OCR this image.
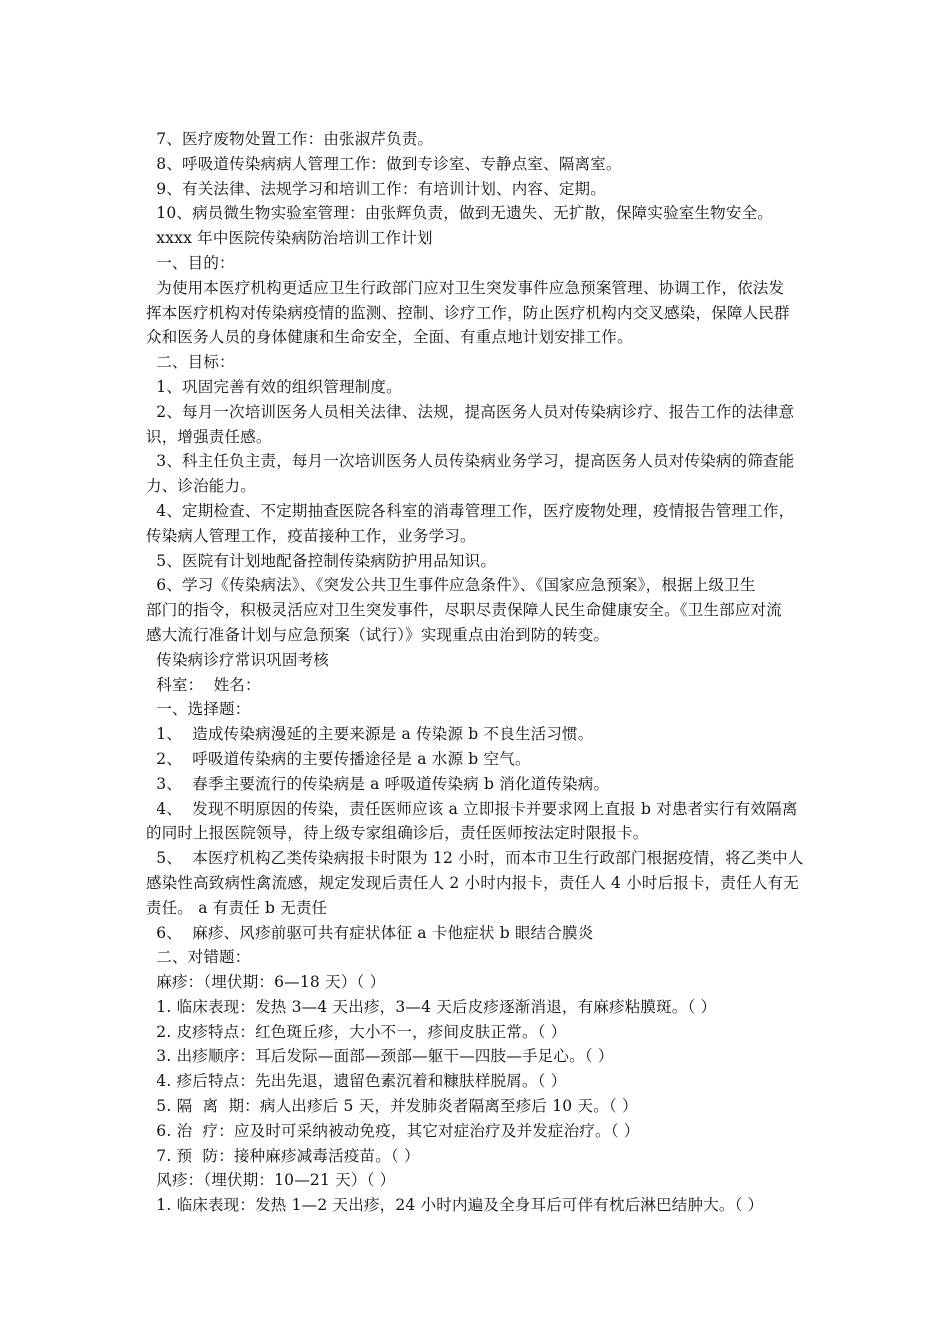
7、医疗废物处置工作：由张淑芹负责。
8、呼吸道传染病病人管理工作：做到专诊室、专静点室、隔离室。
9、有关法律、法规学习和培训工作：有培训计划、内容、定期。
10、病员微生物实验室管理：由张辉负责，做到无遗失、无扩散，保障实验室生物安全。
xxxx 年中医院传染病防治培训工作计划
一、目的：
为使用本医疗机构更适应卫生行政部门应对卫生突发事件应急预案管理、协调工作，依法发
挥本医疗机构对传染病疫情的监测、控制、诊疗工作，防止医疗机构内交叉感染，保障人民群
众和医务人员的身体健康和生命安全，全面、有重点地计划安排工作。
二、目标：
1、巩固完善有效的组织管理制度。
2、每月一次培训医务人员相关法律、法规，提高医务人员对传染病诊疗、报告工作的法律意
识，增强责任感。
3、科主任负主责，每月一次培训医务人员传染病业务学习，提高医务人员对传染病的筛查能
力、诊治能力。
4、定期检查、不定期抽查医院各科室的消毒管理工作，医疗废物处理，疫情报告管理工作，
传染病人管理工作，疫苗接种工作，业务学习。
5、医院有计划地配备控制传染病防护用品知识。
6、学习《传染病法》、《突发公共卫生事件应急条件》、《国家应急预案》，根据上级卫生
部门的指令，积极灵活应对卫生突发事件，尽职尽责保障人民生命健康安全。《卫生部应对流
感大流行准备计划与应急预案（试行）》实现重点由治到防的转变。
传染病诊疗常识巩固考核
科室：  姓名：
一、选择题：
1、  造成传染病漫延的主要来源是 a 传染源 b 不良生活习惯。
2、  呼吸道传染病的主要传播途径是 a 水源 b 空气。
3、  春季主要流行的传染病是 a 呼吸道传染病 b 消化道传染病。
4、  发现不明原因的传染，责任医师应该 a 立即报卡并要求网上直报 b 对患者实行有效隔离
的同时上报医院领导，待上级专家组确诊后，责任医师按法定时限报卡。
5、  本医疗机构乙类传染病报卡时限为 12 小时，而本市卫生行政部门根据疫情，将乙类中人
感染性高致病性禽流感，规定发现后责任人 2 小时内报卡，责任人 4 小时后报卡，责任人有无
责任。 a 有责任 b 无责任
6、  麻疹、风疹前驱可共有症状体征 a 卡他症状 b 眼结合膜炎
二、对错题：
麻疹：（埋伏期：6—18 天）（ ）
1. 临床表现：发热 3—4 天出疹，3—4 天后皮疹逐渐消退，有麻疹粘膜斑。（ ）
2. 皮疹特点：红色斑丘疹，大小不一，疹间皮肤正常。（ ）
3. 出疹顺序：耳后发际—面部—颈部—躯干—四肢—手足心。（ ）
4. 疹后特点：先出先退，遗留色素沉着和糠肤样脱屑。（ ）
5. 隔  离  期：病人出疹后 5 天，并发肺炎者隔离至疹后 10 天。（ ）
6. 治  疗：应及时可采纳被动免疫，其它对症治疗及并发症治疗。（ ）
7. 预  防：接种麻疹减毒活疫苗。（ ）
风疹：（埋伏期：10—21 天）（ ）
1. 临床表现：发热 1—2 天出疹，24 小时内遍及全身耳后可伴有枕后淋巴结肿大。（ ）
